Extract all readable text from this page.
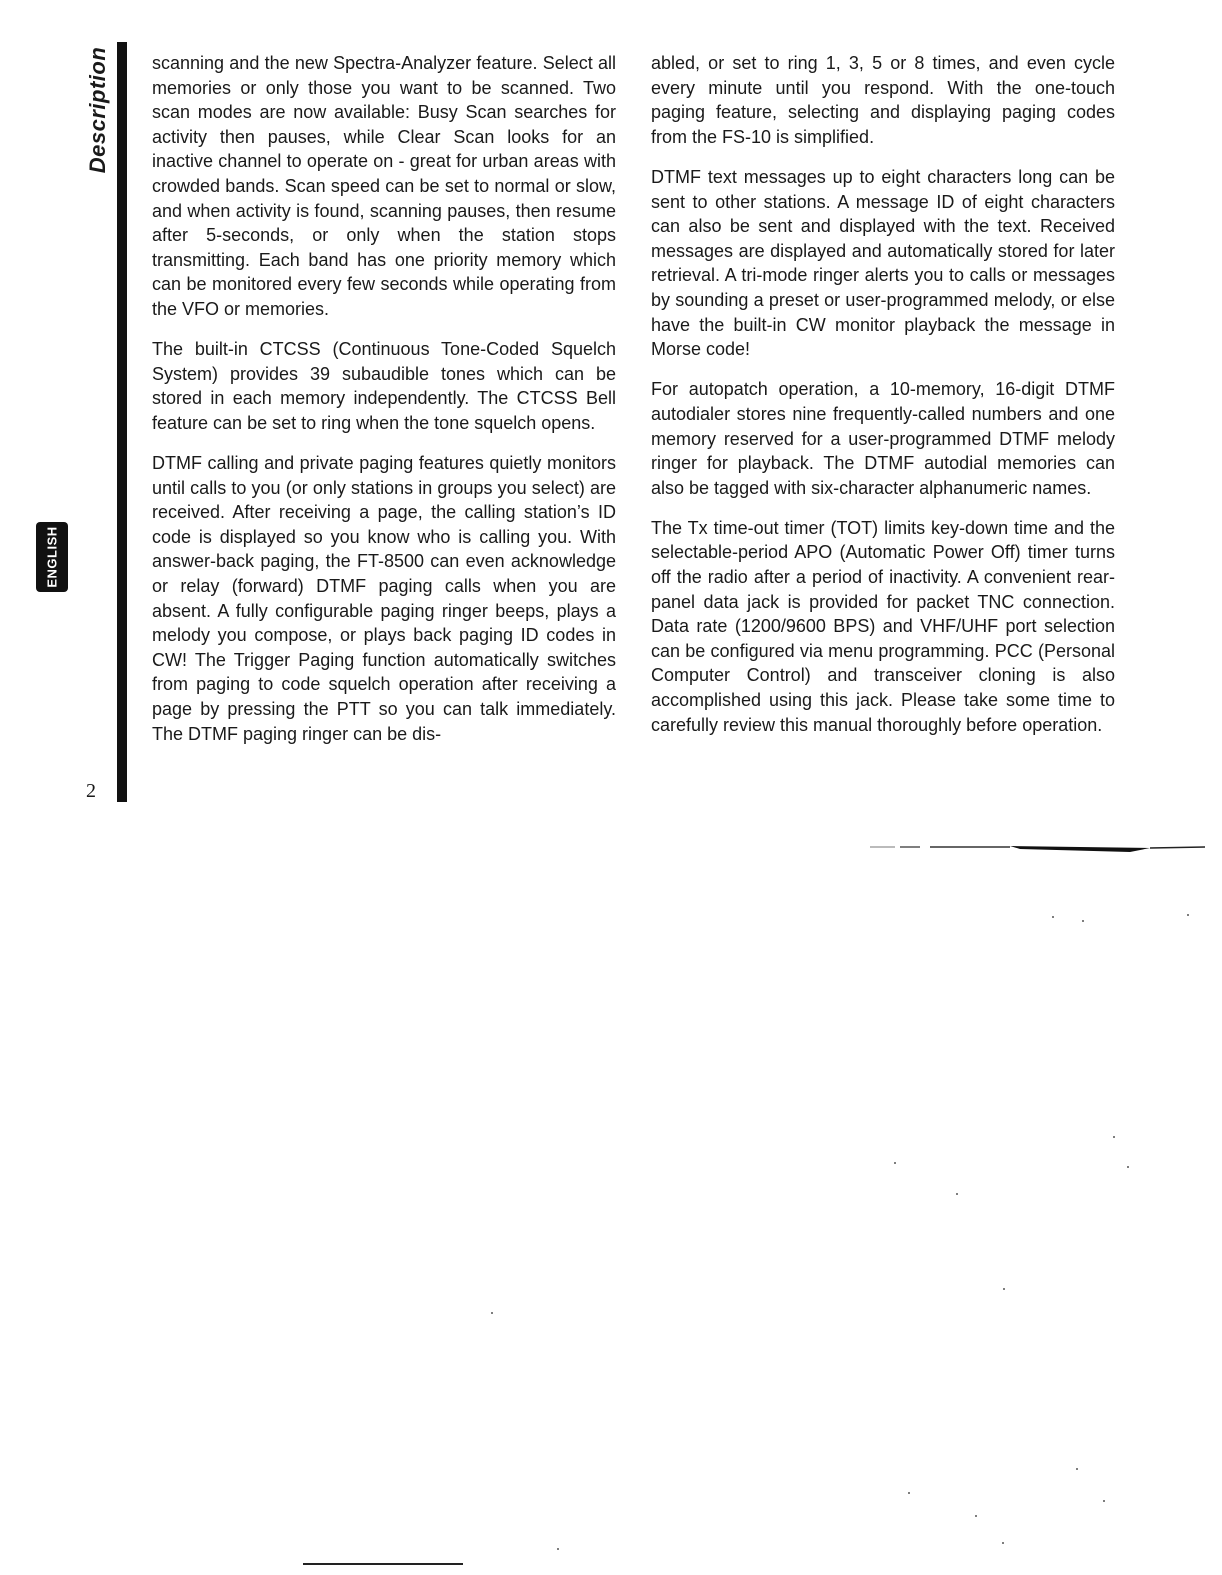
Description
ENGLISH
2

scanning and the new Spectra-Analyzer feature. Select all memories or only those you want to be scanned. Two scan modes are now available: Busy Scan searches for activity then pauses, while Clear Scan looks for an inactive channel to operate on - great for urban areas with crowded bands. Scan speed can be set to normal or slow, and when activity is found, scanning pauses, then resume after 5-seconds, or only when the station stops transmitting. Each band has one priority memory which can be monitored every few seconds while operating from the VFO or memories.

The built-in CTCSS (Continuous Tone-Coded Squelch System) provides 39 subaudible tones which can be stored in each memory independently. The CTCSS Bell feature can be set to ring when the tone squelch opens.

DTMF calling and private paging features quietly monitors until calls to you (or only stations in groups you select) are received. After receiving a page, the calling station’s ID code is displayed so you know who is calling you. With answer-back paging, the FT-8500 can even acknowledge or relay (forward) DTMF paging calls when you are absent. A fully configurable paging ringer beeps, plays a melody you compose, or plays back paging ID codes in CW! The Trigger Paging function automatically switches from paging to code squelch operation after receiving a page by pressing the PTT so you can talk immediately. The DTMF paging ringer can be dis-

abled, or set to ring 1, 3, 5 or 8 times, and even cycle every minute until you respond. With the one-touch paging feature, selecting and displaying paging codes from the FS-10 is simplified.

DTMF text messages up to eight characters long can be sent to other stations. A message ID of eight characters can also be sent and displayed with the text. Received messages are displayed and automatically stored for later retrieval. A tri-mode ringer alerts you to calls or messages by sounding a preset or user-programmed melody, or else have the built-in CW monitor playback the message in Morse code!

For autopatch operation, a 10-memory, 16-digit DTMF autodialer stores nine frequently-called numbers and one memory reserved for a user-programmed DTMF melody ringer for playback. The DTMF autodial memories can also be tagged with six-character alphanumeric names.

The Tx time-out timer (TOT) limits key-down time and the selectable-period APO (Automatic Power Off) timer turns off the radio after a period of inactivity. A convenient rear-panel data jack is provided for packet TNC connection. Data rate (1200/9600 BPS) and VHF/UHF port selection can be configured via menu programming. PCC (Personal Computer Control) and transceiver cloning is also accomplished using this jack. Please take some time to carefully review this manual thoroughly before operation.
